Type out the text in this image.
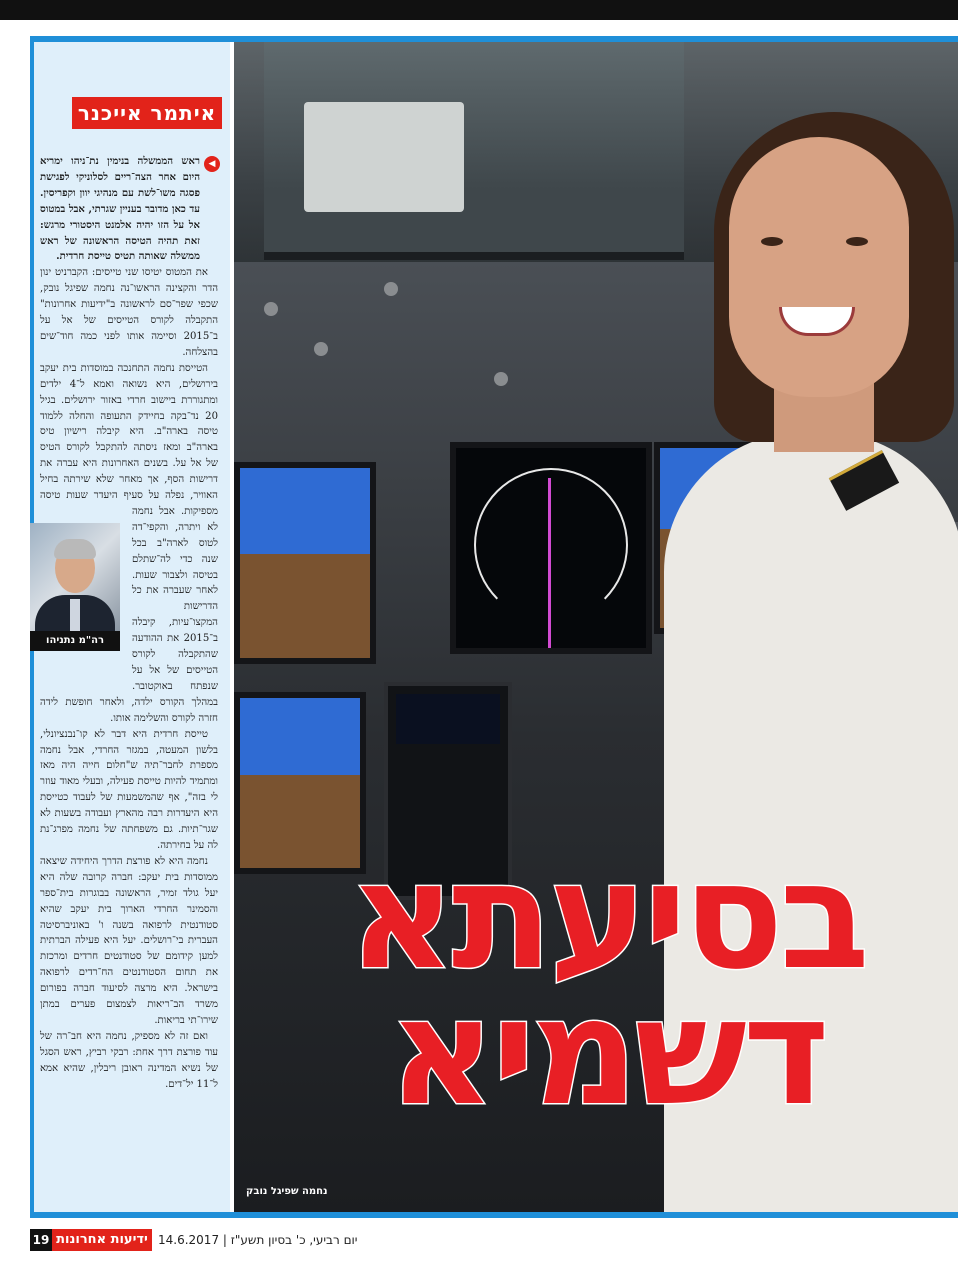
איתמר אייכנר

◀
ראש הממשלה בנימין נת־ניהו ימריא היום אחר הצה־ריים לסלוניקי לפגישת פסגה משו־לשת עם מנהיגי יוון וקפריסין. עד כאן מדובר בעניין שגרתי, אבל במטוס אל על הזו יהיה אלמנט היסטורי מרגש: זאת תהיה הטיסה הראשונה של ראש ממשלה שאותה תטיס טייסת חרדית.

את המטוס יטיסו שני טייסים: הקברניט ינון הדר והקצינה הראשו־נה נחמה שפיגל נובק, שכפי שפר־סם לראשונה ב"ידיעות אחרונות" התקבלה לקורס הטייסים של אל על ב־2015 וסיימה אותו לפני כמה חוד־שים בהצלחה.

הטייסת נחמה התחנכה במוסדות בית יעקב בירושלים, היא נשואה ואמא ל־4 ילדים ומתגוררת ביישוב חרדי באזור ירושלים. בגיל 20 נד־בקה בחיידק התעופה והחלה ללמוד טיסה בארה"ב. היא קיבלה רישיון טיס בארה"ב ומאז ניסתה להתקבל לקורס הטיס של אל על. בשנים האחרונות היא עברה את דרישות הסף, אך מאחר שלא שירתה בחיל האוויר, נפלה על סעיף היעדר שעות טיסה מספיקות.
אבל נחמה לא ויתרה, והקפי־דה לטוס לארה"ב בכל שנה כדי לה־שתלם בטיסה ולצבור שעות. לאחר שעברה את כל הדרישות המקצו־עיות, קיבלה ב־2015 את ההודעה שהתקבלה לקורס הטייסים של אל על שנפתח באוקטובר. במהלך הקורס ילדה, ולאחר חופשת לידה חזרה לקורס והשלימה אותו.

טייסת חרדית היא דבר לא קו־נבנציונלי, בלשון המעטה, במגזר החרדי, אבל נחמה מספרת לחבר־תיה ש"חלום חייה היה מאז ומתמיד להיות טייסת פעילה, ובעלי מאוד עוזר לי בזה", אף שהמשמעות של לעבוד כטייסת היא היעדרות רבה מהארץ ועבודה בשעות לא שגר־תיות. גם משפחתה של נחמה מפרג־נת לה על בחירתה.

נחמה היא לא פורצת הדרך היחידה שיצאה ממוסדות בית יעקב: חברה קרובה שלה היא יעל גולד זמיר, הראשונה בבוגרות בית־ספר והסמינר החרדי הארוך בית יעקב שהיא סטודנטית לרפואה בשנה ו' באוניברסיטה העברית בי־רושלים. יעל היא פעילה הברתית למען קידומם של סטודנטים חרדים ומרכזת את תחום הסטודנטים הח־רדים לרפואה בישראל. היא מרצה לסיעוד חברה בפורום משרד הב־ריאות לצמצום פערים במתן שירו־תי בריאות.

ואם זה לא מספיק, נחמה היא חב־רה של עוד פורצת דרך אחת: רבקי רביץ, ראש הסגל של נשיא המדינה ראובן ריבלין, שהיא אמא ל־11 יל־דים.

רה"מ נתניהו
בסיעתא
דשמיא
נחמה שפיגל נובק
19 ידיעות אחרונות יום רביעי, כ' בסיון תשע"ז | 14.6.2017
